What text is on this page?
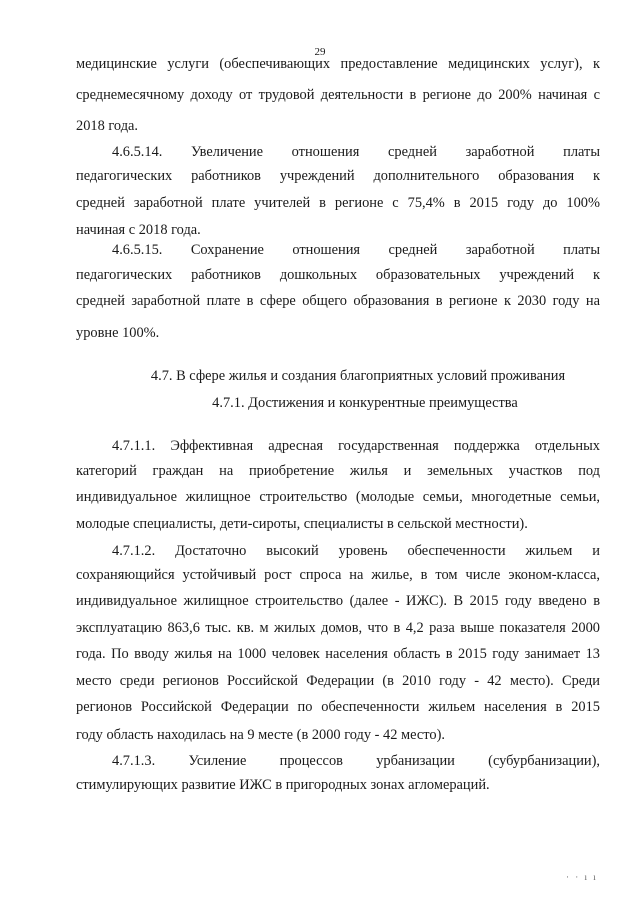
29
медицинские услуги (обеспечивающих предоставление медицинских услуг), к
среднемесячному доходу от трудовой деятельности в регионе до 200% начиная с
2018 года.
4.6.5.14. Увеличение отношения средней заработной платы
педагогических работников учреждений дополнительного образования к
средней заработной плате учителей в регионе с 75,4% в 2015 году до 100%
начиная с 2018 года.
4.6.5.15. Сохранение отношения средней заработной платы
педагогических работников дошкольных образовательных учреждений к
средней заработной плате в сфере общего образования в регионе к 2030 году на
уровне 100%.
4.7. В сфере жилья и создания благоприятных условий проживания
4.7.1. Достижения и конкурентные преимущества
4.7.1.1. Эффективная адресная государственная поддержка отдельных
категорий граждан на приобретение жилья и земельных участков под
индивидуальное жилищное строительство (молодые семьи, многодетные семьи,
молодые специалисты, дети-сироты, специалисты в сельской местности).
4.7.1.2. Достаточно высокий уровень обеспеченности жильем и
сохраняющийся устойчивый рост спроса на жилье, в том числе эконом-класса,
индивидуальное жилищное строительство (далее - ИЖС). В 2015 году введено в
эксплуатацию 863,6 тыс. кв. м жилых домов, что в 4,2 раза выше показателя 2000
года. По вводу жилья на 1000 человек населения область в 2015 году занимает 13
место среди регионов Российской Федерации (в 2010 году - 42 место). Среди
регионов Российской Федерации по обеспеченности жильем населения в 2015
году область находилась на 9 месте (в 2000 году - 42 место).
4.7.1.3. Усиление процессов урбанизации (субурбанизации),
стимулирующих развитие ИЖС в пригородных зонах агломераций.
· · ı ı
